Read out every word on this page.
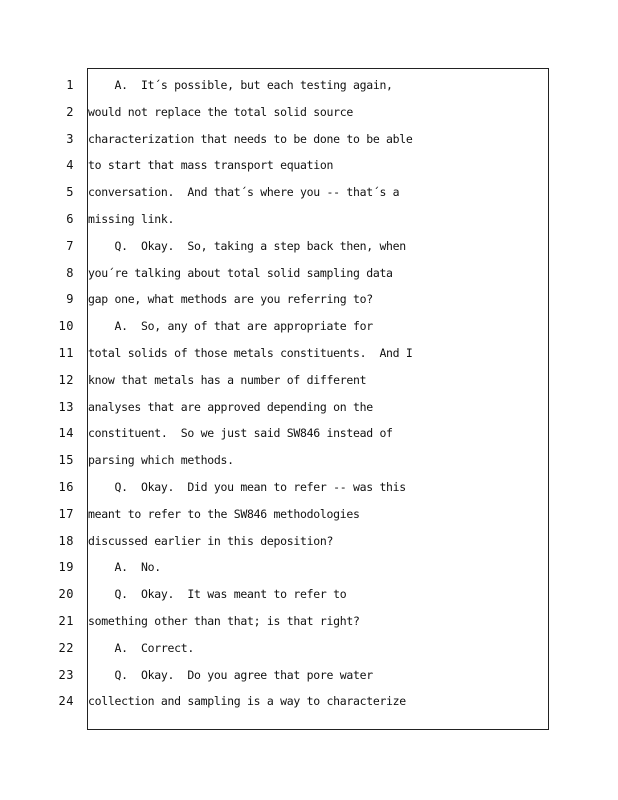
1
2
3
4
5
6
7
8
9
10
11
12
13
14
15
16
17
18
19
20
21
22
23
24
A.  It´s possible, but each testing again,
would not replace the total solid source
characterization that needs to be done to be able
to start that mass transport equation
conversation.  And that´s where you -- that´s a
missing link.
Q.  Okay.  So, taking a step back then, when
you´re talking about total solid sampling data
gap one, what methods are you referring to?
A.  So, any of that are appropriate for
total solids of those metals constituents.  And I
know that metals has a number of different
analyses that are approved depending on the
constituent.  So we just said SW846 instead of
parsing which methods.
Q.  Okay.  Did you mean to refer -- was this
meant to refer to the SW846 methodologies
discussed earlier in this deposition?
A.  No.
Q.  Okay.  It was meant to refer to
something other than that; is that right?
A.  Correct.
Q.  Okay.  Do you agree that pore water
collection and sampling is a way to characterize
